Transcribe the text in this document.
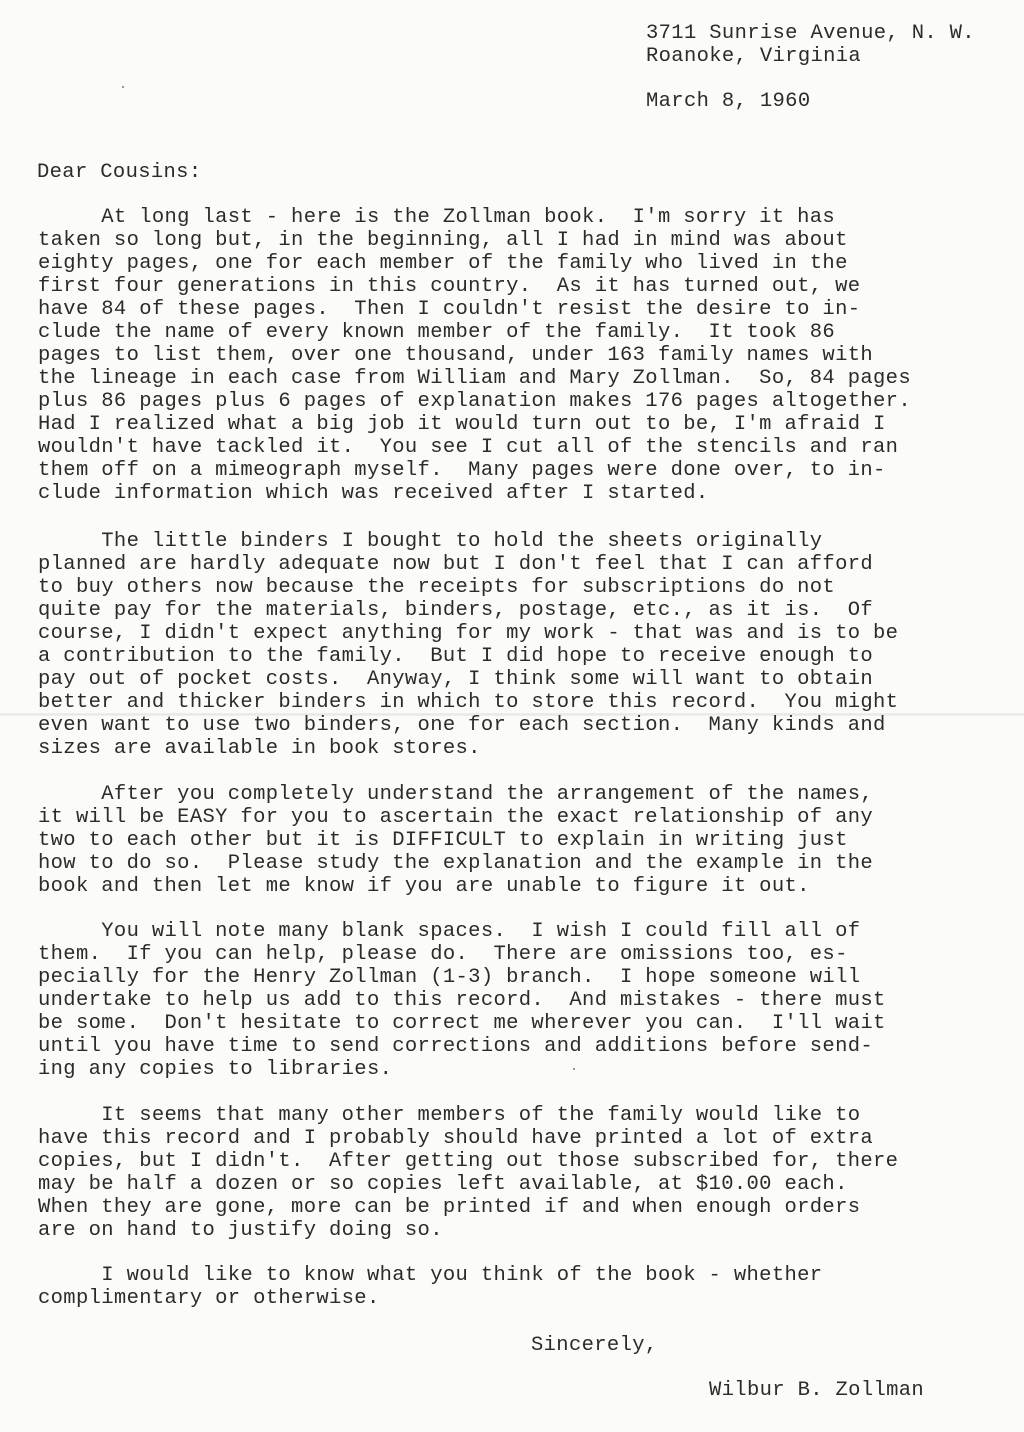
3711 Sunrise Avenue, N. W.
Roanoke, Virginia
March 8, 1960
Dear Cousins:
At long last - here is the Zollman book.  I'm sorry it has
taken so long but, in the beginning, all I had in mind was about
eighty pages, one for each member of the family who lived in the
first four generations in this country.  As it has turned out, we
have 84 of these pages.  Then I couldn't resist the desire to in-
clude the name of every known member of the family.  It took 86
pages to list them, over one thousand, under 163 family names with
the lineage in each case from William and Mary Zollman.  So, 84 pages
plus 86 pages plus 6 pages of explanation makes 176 pages altogether.
Had I realized what a big job it would turn out to be, I'm afraid I
wouldn't have tackled it.  You see I cut all of the stencils and ran
them off on a mimeograph myself.  Many pages were done over, to in-
clude information which was received after I started.
The little binders I bought to hold the sheets originally
planned are hardly adequate now but I don't feel that I can afford
to buy others now because the receipts for subscriptions do not
quite pay for the materials, binders, postage, etc., as it is.  Of
course, I didn't expect anything for my work - that was and is to be
a contribution to the family.  But I did hope to receive enough to
pay out of pocket costs.  Anyway, I think some will want to obtain
better and thicker binders in which to store this record.  You might
even want to use two binders, one for each section.  Many kinds and
sizes are available in book stores.
After you completely understand the arrangement of the names,
it will be EASY for you to ascertain the exact relationship of any
two to each other but it is DIFFICULT to explain in writing just
how to do so.  Please study the explanation and the example in the
book and then let me know if you are unable to figure it out.
You will note many blank spaces.  I wish I could fill all of
them.  If you can help, please do.  There are omissions too, es-
pecially for the Henry Zollman (1-3) branch.  I hope someone will
undertake to help us add to this record.  And mistakes - there must
be some.  Don't hesitate to correct me wherever you can.  I'll wait
until you have time to send corrections and additions before send-
ing any copies to libraries.
It seems that many other members of the family would like to
have this record and I probably should have printed a lot of extra
copies, but I didn't.  After getting out those subscribed for, there
may be half a dozen or so copies left available, at $10.00 each.
When they are gone, more can be printed if and when enough orders
are on hand to justify doing so.
I would like to know what you think of the book - whether
complimentary or otherwise.
Sincerely,
Wilbur B. Zollman
